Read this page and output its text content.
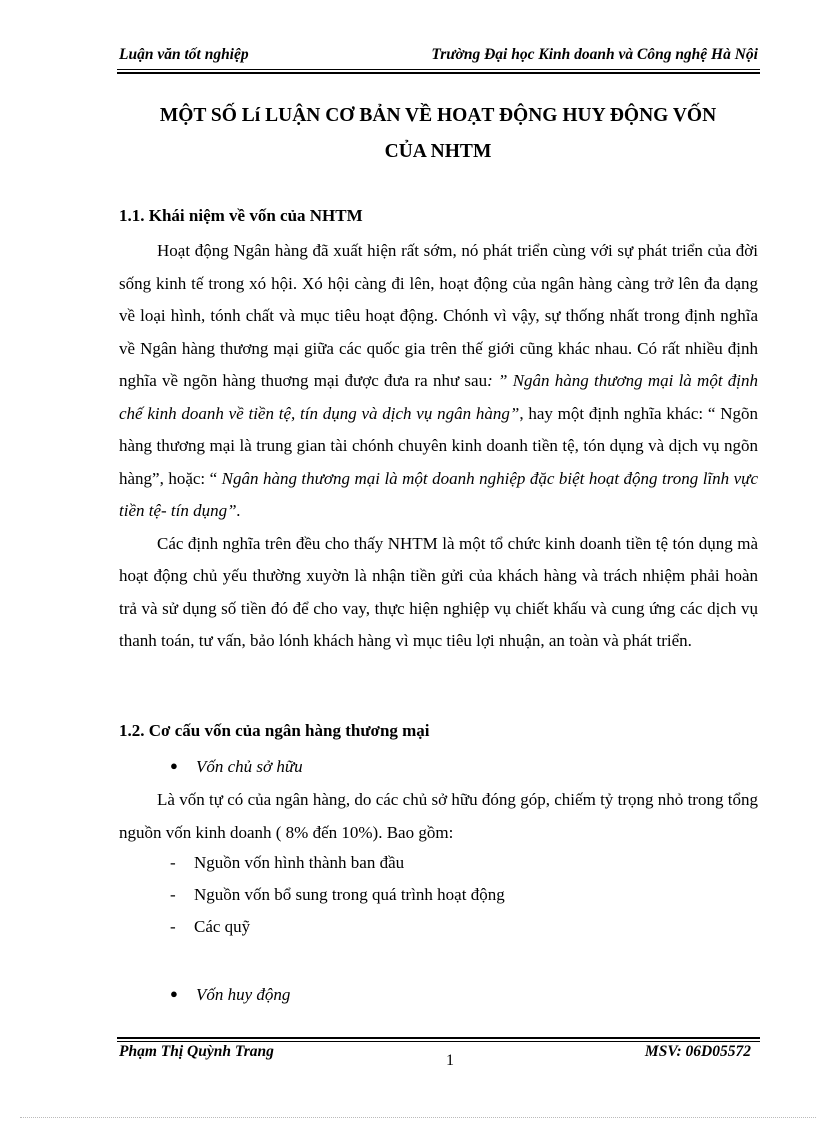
Luận văn tốt nghiệp	Trường Đại học Kinh doanh và Công nghệ Hà Nội
MỘT SỐ Lí LUẬN CƠ BẢN VỀ HOẠT ĐỘNG HUY ĐỘNG VỐN
CỦA NHTM
1.1. Khái niệm về vốn của NHTM

Hoạt động Ngân hàng đã xuất hiện rất sớm, nó phát triển cùng với sự phát triển của đời sống kinh tế trong xó hội. Xó hội càng đi lên, hoạt động của ngân hàng càng trở lên đa dạng về loại hình, tónh chất và mục tiêu hoạt động. Chónh vì vậy, sự thống nhất trong định nghĩa về Ngân hàng thương mại giữa các quốc gia trên thế giới cũng khác nhau. Có rất nhiều định nghĩa về ngõn hàng thuơng mại được đưa ra như sau: ” Ngân hàng thương mại là một định chế kinh doanh về tiền tệ, tín dụng và dịch vụ ngân hàng”, hay một định nghĩa khác: “ Ngõn hàng thương mại là trung gian tài chónh chuyên kinh doanh tiền tệ, tón dụng và dịch vụ ngõn hàng”, hoặc: “ Ngân hàng thương mại là một doanh nghiệp đặc biệt hoạt động trong lĩnh vực tiền tệ- tín dụng”.

Các định nghĩa trên đều cho thấy NHTM là một tổ chức kinh doanh tiền tệ tón dụng mà hoạt động chủ yếu thường xuyờn là nhận tiền gửi của khách hàng và trách nhiệm phải hoàn trả và sử dụng số tiền đó để cho vay, thực hiện nghiệp vụ chiết khấu và cung ứng các dịch vụ thanh toán, tư vấn, bảo lónh khách hàng vì mục tiêu lợi nhuận, an toàn và phát triển.

1.2. Cơ cấu vốn của ngân hàng thương mại
● Vốn chủ sở hữu

Là vốn tự có của ngân hàng, do các chủ sở hữu đóng góp, chiếm tỷ trọng nhỏ trong tổng nguồn vốn kinh doanh ( 8% đến 10%). Bao gồm:

- Nguồn vốn hình thành ban đầu
- Nguồn vốn bổ sung trong quá trình hoạt động
- Các quỹ
● Vốn huy động
Phạm Thị Quỳnh Trang	MSV: 06D05572
1
